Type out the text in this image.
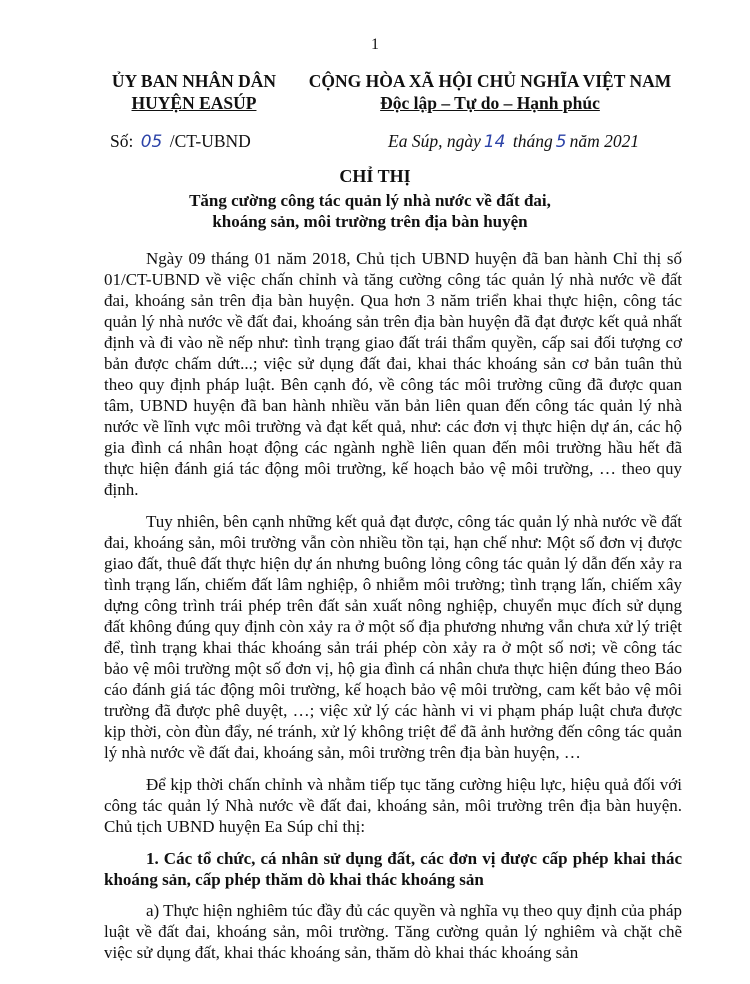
1
ỦY BAN NHÂN DÂN
HUYỆN EASÚP
CỘNG HÒA XÃ HỘI CHỦ NGHĨA VIỆT NAM
Độc lập – Tự do – Hạnh phúc
Số: 05 /CT-UBND	Ea Súp, ngày 14 tháng 5 năm 2021
CHỈ THỊ
Tăng cường công tác quản lý nhà nước về đất đai,
khoáng sản, môi trường trên địa bàn huyện

Ngày 09 tháng 01 năm 2018, Chủ tịch UBND huyện đã ban hành Chỉ thị số 01/CT-UBND về việc chấn chỉnh và tăng cường công tác quản lý nhà nước về đất đai, khoáng sản trên địa bàn huyện. Qua hơn 3 năm triển khai thực hiện, công tác quản lý nhà nước về đất đai, khoáng sản trên địa bàn huyện đã đạt được kết quả nhất định và đi vào nề nếp như: tình trạng giao đất trái thẩm quyền, cấp sai đối tượng cơ bản được chấm dứt...; việc sử dụng đất đai, khai thác khoáng sản cơ bản tuân thủ theo quy định pháp luật. Bên cạnh đó, về công tác môi trường cũng đã được quan tâm, UBND huyện đã ban hành nhiều văn bản liên quan đến công tác quản lý nhà nước về lĩnh vực môi trường và đạt kết quả, như: các đơn vị thực hiện dự án, các hộ gia đình cá nhân hoạt động các ngành nghề liên quan đến môi trường hầu hết đã thực hiện đánh giá tác động môi trường, kế hoạch bảo vệ môi trường, … theo quy định.

Tuy nhiên, bên cạnh những kết quả đạt được, công tác quản lý nhà nước về đất đai, khoáng sản, môi trường vẫn còn nhiều tồn tại, hạn chế như: Một số đơn vị được giao đất, thuê đất thực hiện dự án nhưng buông lỏng công tác quản lý dẫn đến xảy ra tình trạng lấn, chiếm đất lâm nghiệp, ô nhiễm môi trường; tình trạng lấn, chiếm xây dựng công trình trái phép trên đất sản xuất nông nghiệp, chuyển mục đích sử dụng đất không đúng quy định còn xảy ra ở một số địa phương nhưng vẫn chưa xử lý triệt để, tình trạng khai thác khoáng sản trái phép còn xảy ra ở một số nơi; về công tác bảo vệ môi trường một số đơn vị, hộ gia đình cá nhân chưa thực hiện đúng theo Báo cáo đánh giá tác động môi trường, kế hoạch bảo vệ môi trường, cam kết bảo vệ môi trường đã được phê duyệt, …; việc xử lý các hành vi vi phạm pháp luật chưa được kịp thời, còn đùn đẩy, né tránh, xử lý không triệt để đã ảnh hưởng đến công tác quản lý nhà nước về đất đai, khoáng sản, môi trường trên địa bàn huyện, …

Để kịp thời chấn chỉnh và nhằm tiếp tục tăng cường hiệu lực, hiệu quả đối với công tác quản lý Nhà nước về đất đai, khoáng sản, môi trường trên địa bàn huyện. Chủ tịch UBND huyện Ea Súp chỉ thị:

1. Các tổ chức, cá nhân sử dụng đất, các đơn vị được cấp phép khai thác khoáng sản, cấp phép thăm dò khai thác khoáng sản

a) Thực hiện nghiêm túc đầy đủ các quyền và nghĩa vụ theo quy định của pháp luật về đất đai, khoáng sản, môi trường. Tăng cường quản lý nghiêm và chặt chẽ việc sử dụng đất, khai thác khoáng sản, thăm dò khai thác khoáng sản
